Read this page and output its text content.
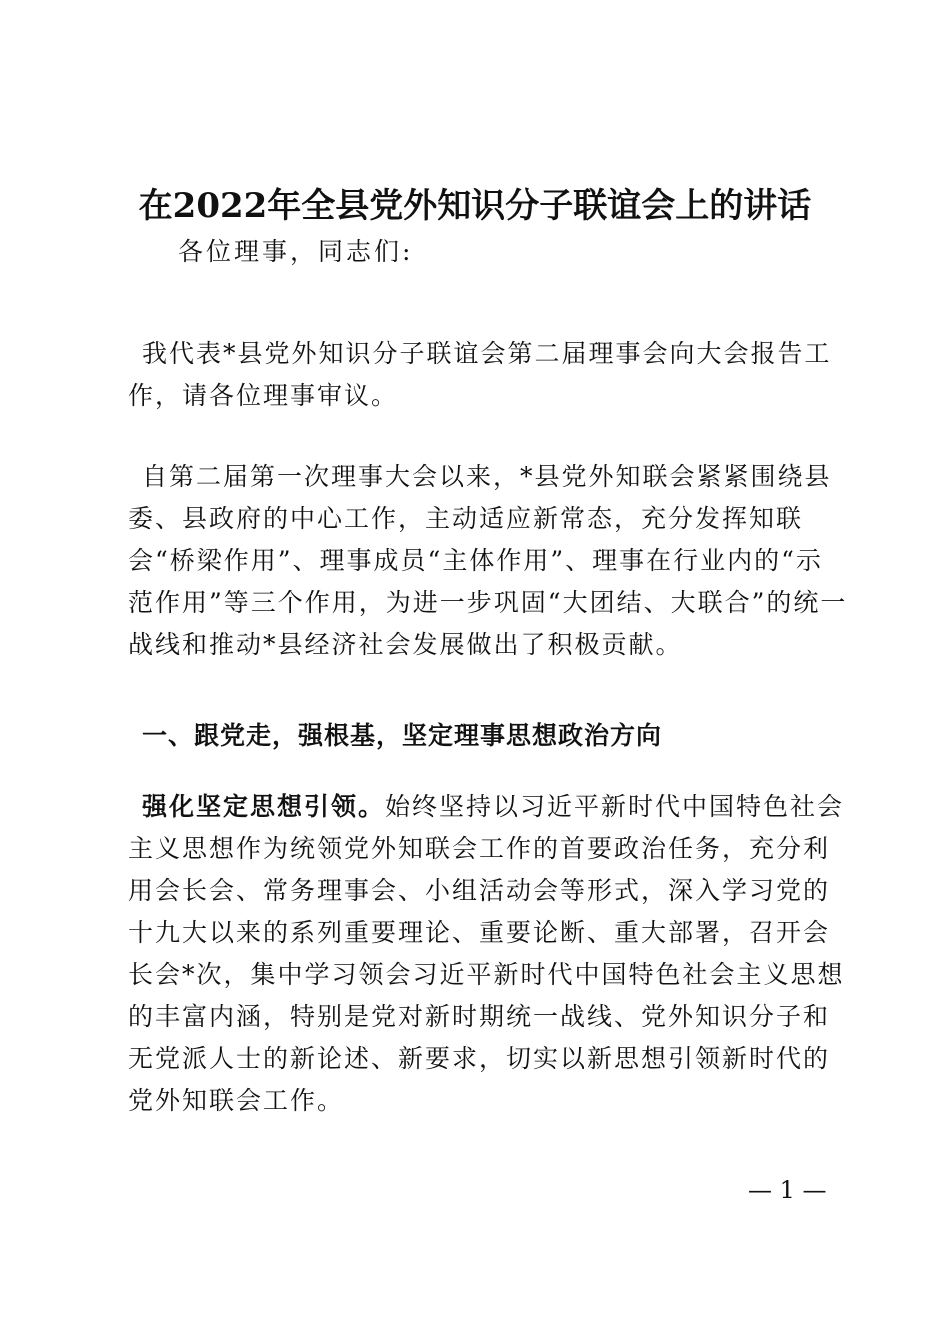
在2022年全县党外知识分子联谊会上的讲话
各位理事，同志们:

我代表*县党外知识分子联谊会第二届理事会向大会报告工作，请各位理事审议。

自第二届第一次理事大会以来，*县党外知联会紧紧围绕县委、县政府的中心工作，主动适应新常态，充分发挥知联会“桥梁作用”、理事成员“主体作用”、理事在行业内的“示范作用”等三个作用，为进一步巩固“大团结、大联合”的统一战线和推动*县经济社会发展做出了积极贡献。

一、跟党走，强根基，坚定理事思想政治方向

强化坚定思想引领。始终坚持以习近平新时代中国特色社会主义思想作为统领党外知联会工作的首要政治任务，充分利用会长会、常务理事会、小组活动会等形式，深入学习党的十九大以来的系列重要理论、重要论断、重大部署，召开会长会*次，集中学习领会习近平新时代中国特色社会主义思想的丰富内涵，特别是党对新时期统一战线、党外知识分子和无党派人士的新论述、新要求，切实以新思想引领新时代的党外知联会工作。

— 1 —
